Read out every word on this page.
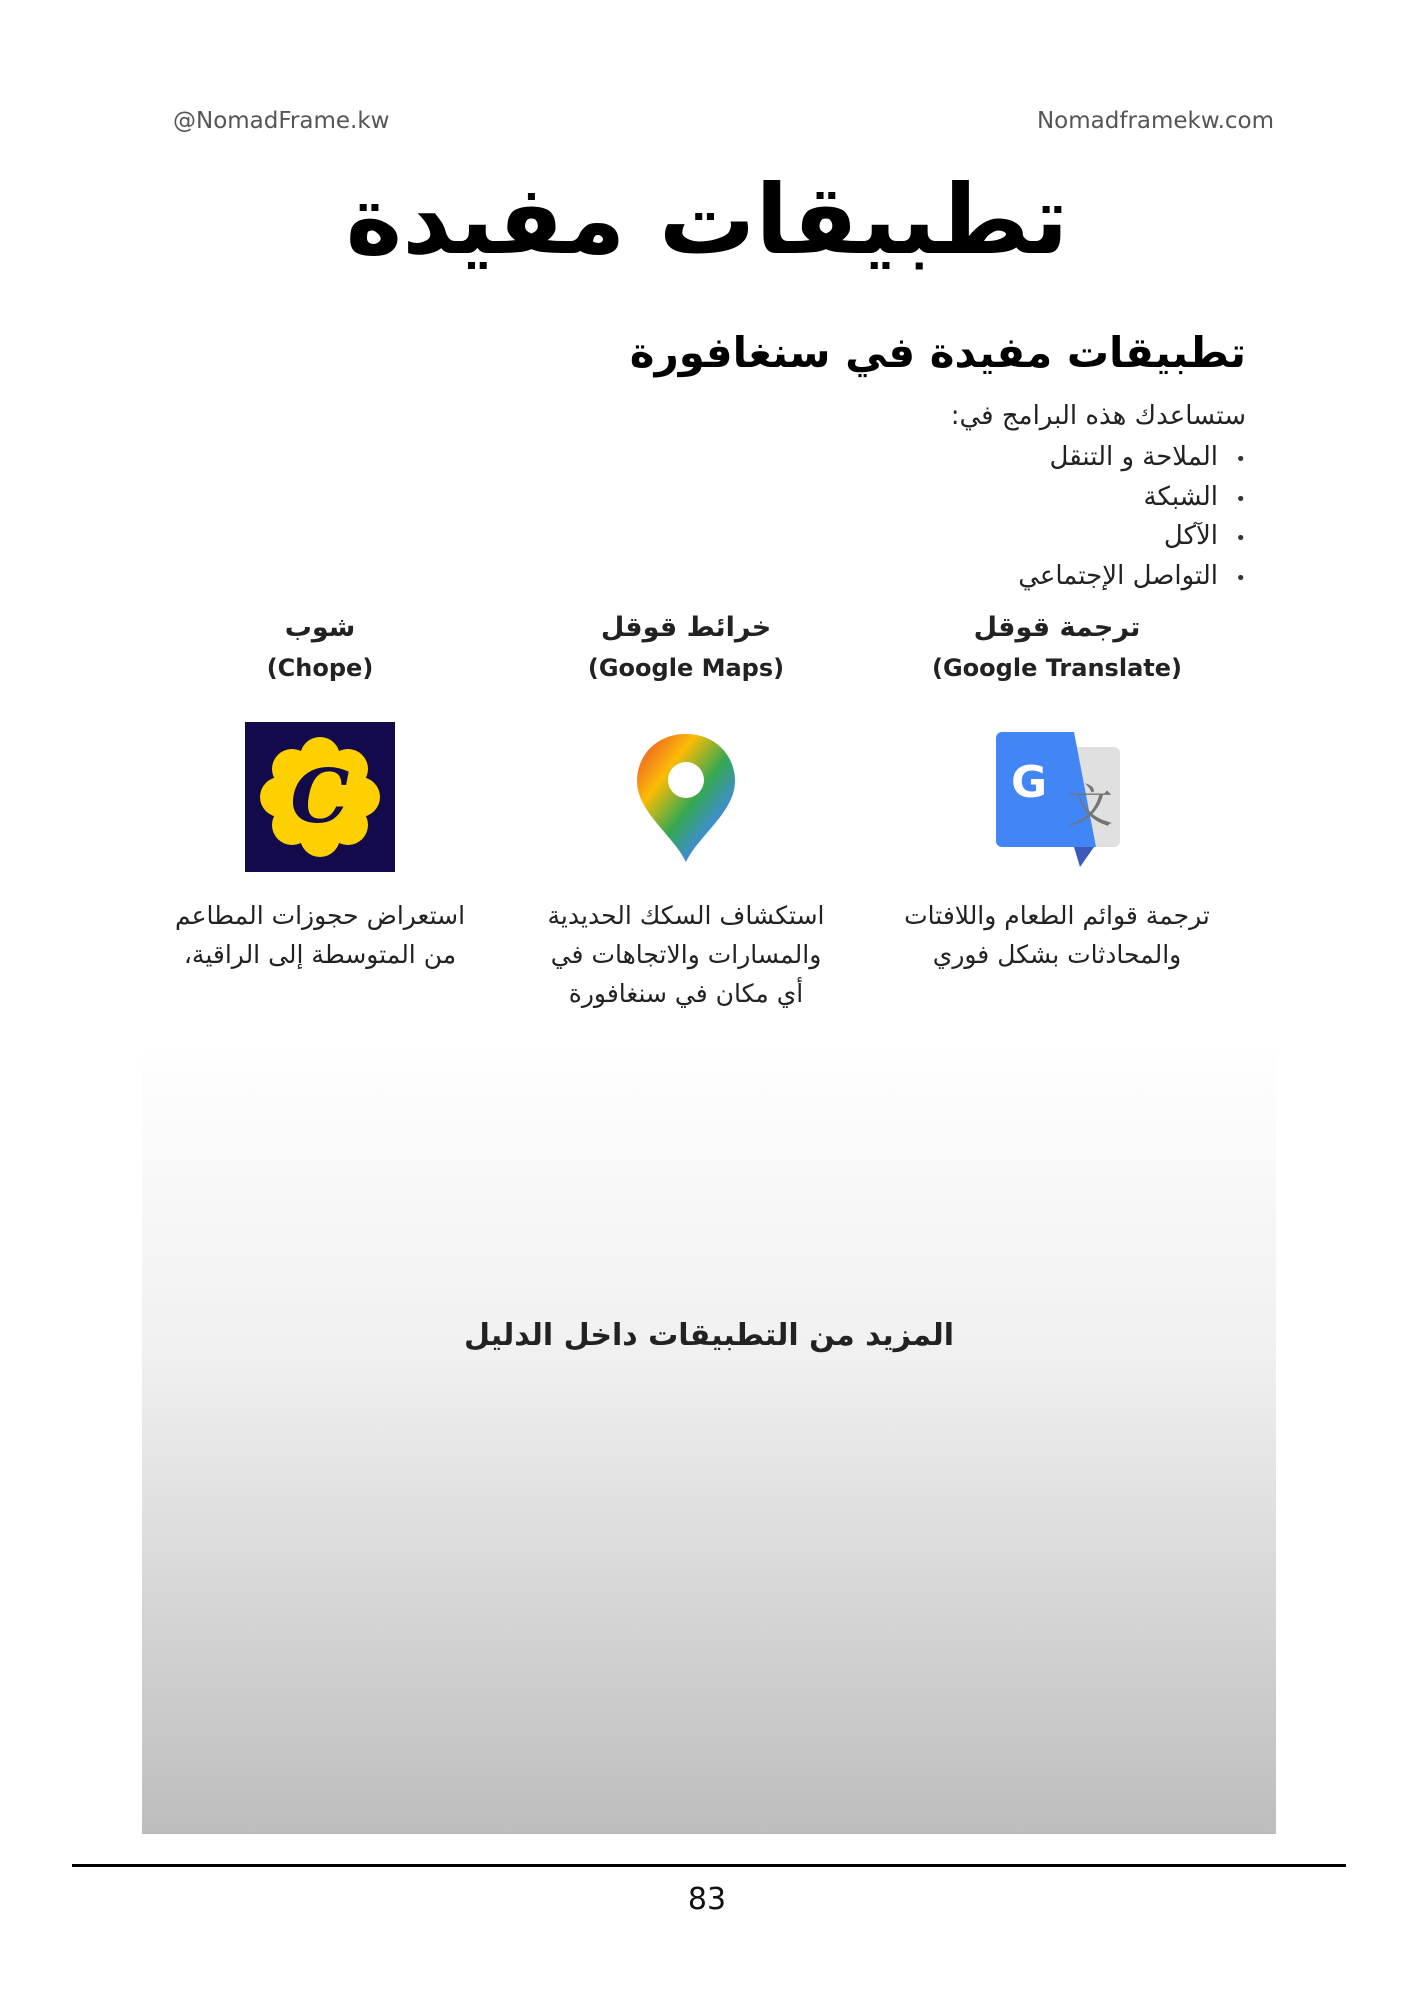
@NomadFrame.kw	Nomadframekw.com
تطبيقات مفيدة
تطبيقات مفيدة في سنغافورة
ستساعدك هذه البرامج في:
• الملاحة و التنقل
• الشبكة
• الآكل
• التواصل الإجتماعي
ترجمة قوقل
(Google Translate)
G 文
ترجمة قوائم الطعام واللافتات
والمحادثات بشكل فوري
خرائط قوقل
(Google Maps)
استكشاف السكك الحديدية
والمسارات والاتجاهات في
أي مكان في سنغافورة
شوب
(Chope)
C
استعراض حجوزات المطاعم
من المتوسطة إلى الراقية،
المزيد من التطبيقات داخل الدليل
83
